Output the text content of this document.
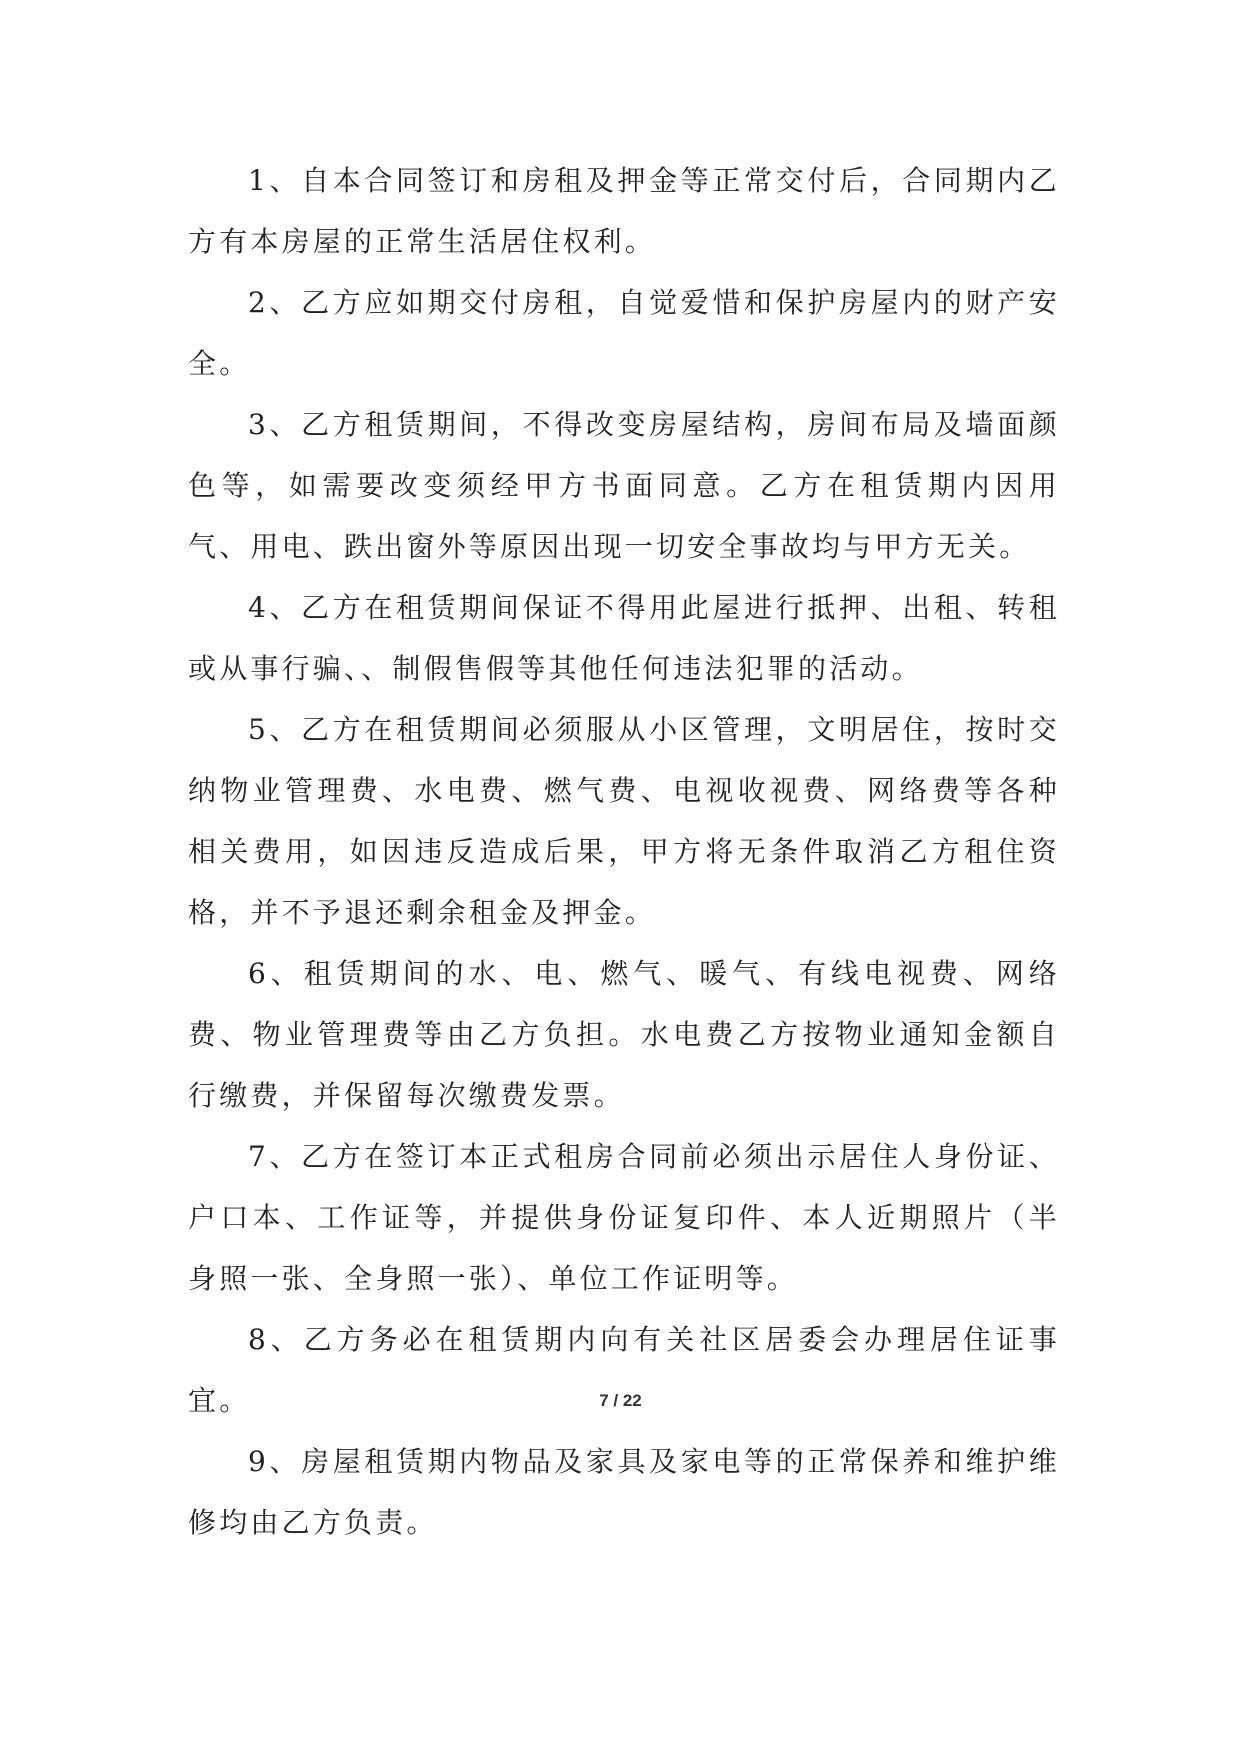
1、自本合同签订和房租及押金等正常交付后，合同期内乙方有本房屋的正常生活居住权利。

2、乙方应如期交付房租，自觉爱惜和保护房屋内的财产安全。

3、乙方租赁期间，不得改变房屋结构，房间布局及墙面颜色等，如需要改变须经甲方书面同意。乙方在租赁期内因用气、用电、跌出窗外等原因出现一切安全事故均与甲方无关。

4、乙方在租赁期间保证不得用此屋进行抵押、出租、转租或从事行骗、、制假售假等其他任何违法犯罪的活动。

5、乙方在租赁期间必须服从小区管理，文明居住，按时交纳物业管理费、水电费、燃气费、电视收视费、网络费等各种相关费用，如因违反造成后果，甲方将无条件取消乙方租住资格，并不予退还剩余租金及押金。

6、租赁期间的水、电、燃气、暖气、有线电视费、网络费、物业管理费等由乙方负担。水电费乙方按物业通知金额自行缴费，并保留每次缴费发票。

7、乙方在签订本正式租房合同前必须出示居住人身份证、户口本、工作证等，并提供身份证复印件、本人近期照片（半身照一张、全身照一张）、单位工作证明等。

8、乙方务必在租赁期内向有关社区居委会办理居住证事宜。

9、房屋租赁期内物品及家具及家电等的正常保养和维护维修均由乙方负责。

7 / 22
